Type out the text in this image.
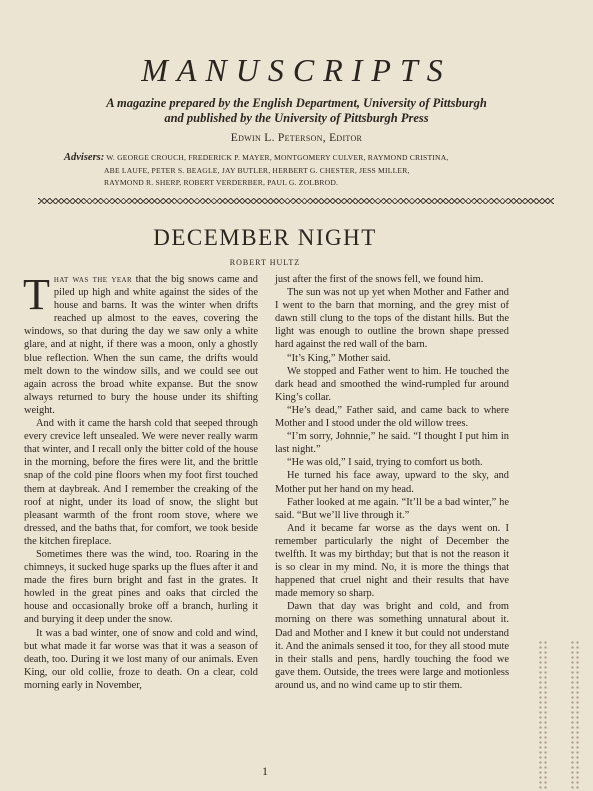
MANUSCRIPTS
A magazine prepared by the English Department, University of Pittsburgh
and published by the University of Pittsburgh Press
Edwin L. Peterson, Editor
Advisers: W. GEORGE CROUCH, FREDERICK P. MAYER, MONTGOMERY CULVER, RAYMOND CRISTINA,
ABE LAUFE, PETER S. BEAGLE, JAY BUTLER, HERBERT G. CHESTER, JESS MILLER,
RAYMOND R. SHERP, ROBERT VERDERBER, PAUL G. ZOLBROD.
DECEMBER NIGHT
ROBERT HULTZ

That was the year that the big snows came and piled up high and white against the sides of the house and barns. It was the winter when drifts reached up almost to the eaves, covering the windows, so that during the day we saw only a white glare, and at night, if there was a moon, only a ghostly blue reflection. When the sun came, the drifts would melt down to the window sills, and we could see out again across the broad white expanse. But the snow always returned to bury the house under its shifting weight.

And with it came the harsh cold that seeped through every crevice left unsealed. We were never really warm that winter, and I recall only the bitter cold of the house in the morning, before the fires were lit, and the brittle snap of the cold pine floors when my foot first touched them at daybreak. And I remember the creaking of the roof at night, under its load of snow, the slight but pleasant warmth of the front room stove, where we dressed, and the baths that, for comfort, we took beside the kitchen fireplace.

Sometimes there was the wind, too. Roaring in the chimneys, it sucked huge sparks up the flues after it and made the fires burn bright and fast in the grates. It howled in the great pines and oaks that circled the house and occasionally broke off a branch, hurling it and burying it deep under the snow.

It was a bad winter, one of snow and cold and wind, but what made it far worse was that it was a season of death, too. During it we lost many of our animals. Even King, our old collie, froze to death. On a clear, cold morning early in November,

just after the first of the snows fell, we found him.

The sun was not up yet when Mother and Father and I went to the barn that morning, and the grey mist of dawn still clung to the tops of the distant hills. But the light was enough to outline the brown shape pressed hard against the red wall of the barn.

“It’s King,” Mother said.

We stopped and Father went to him. He touched the dark head and smoothed the wind-rumpled fur around King’s collar.

“He’s dead,” Father said, and came back to where Mother and I stood under the old willow trees.

“I’m sorry, Johnnie,” he said. “I thought I put him in last night.”

“He was old,” I said, trying to comfort us both.

He turned his face away, upward to the sky, and Mother put her hand on my head.

Father looked at me again. “It’ll be a bad winter,” he said. “But we’ll live through it.”

And it became far worse as the days went on. I remember particularly the night of December the twelfth. It was my birthday; but that is not the reason it is so clear in my mind. No, it is more the things that happened that cruel night and their results that have made memory so sharp.

Dawn that day was bright and cold, and from morning on there was something unnatural about it. Dad and Mother and I knew it but could not understand it. And the animals sensed it too, for they all stood mute in their stalls and pens, hardly touching the food we gave them. Outside, the trees were large and motionless around us, and no wind came up to stir them.

1
